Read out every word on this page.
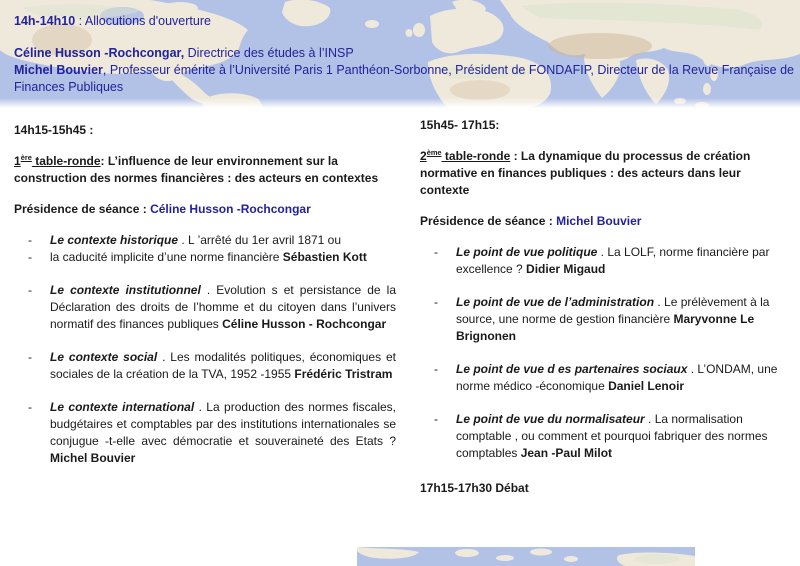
14h-14h10 : Allocutions d'ouverture

Céline Husson -Rochcongar, Directrice des études à l’INSP

Michel Bouvier, Professeur émérite à l’Université Paris 1 Panthéon-Sorbonne, Président de FONDAFIP, Directeur de la Revue Française de Finances Publiques

14h15-15h45 :

1ère table-ronde: L’influence de leur environnement sur la construction des normes financières : des acteurs en contextes

Présidence de séance : Céline Husson -Rochcongar

-	Le contexte historique . L ’arrêté du 1er avril 1871 ou

-	la caducité implicite d’une norme financière Sébastien Kott

-	Le contexte institutionnel . Evolution s et persistance de la Déclaration des droits de l’homme et du citoyen dans l’univers normatif des finances publiques Céline Husson - Rochcongar

-	Le contexte social . Les modalités politiques, économiques et sociales de la création de la TVA, 1952 -1955 Frédéric Tristram

-	Le contexte international . La production des normes fiscales, budgétaires et comptables par des institutions internationales se conjugue -t-elle avec démocratie et souveraineté des Etats ? Michel Bouvier

15h45- 17h15:

2ème table-ronde : La dynamique du processus de création normative en finances publiques : des acteurs dans leur contexte

Présidence de séance : Michel Bouvier

-	Le point de vue politique . La LOLF, norme financière par excellence ? Didier Migaud

-	Le point de vue de l’administration . Le prélèvement à la source, une norme de gestion financière Maryvonne Le Brignonen

-	Le point de vue d es partenaires sociaux . L’ONDAM, une norme médico -économique Daniel Lenoir

-	Le point de vue du normalisateur . La normalisation comptable , ou comment et pourquoi fabriquer des normes comptables Jean -Paul Milot

17h15-17h30 Débat
